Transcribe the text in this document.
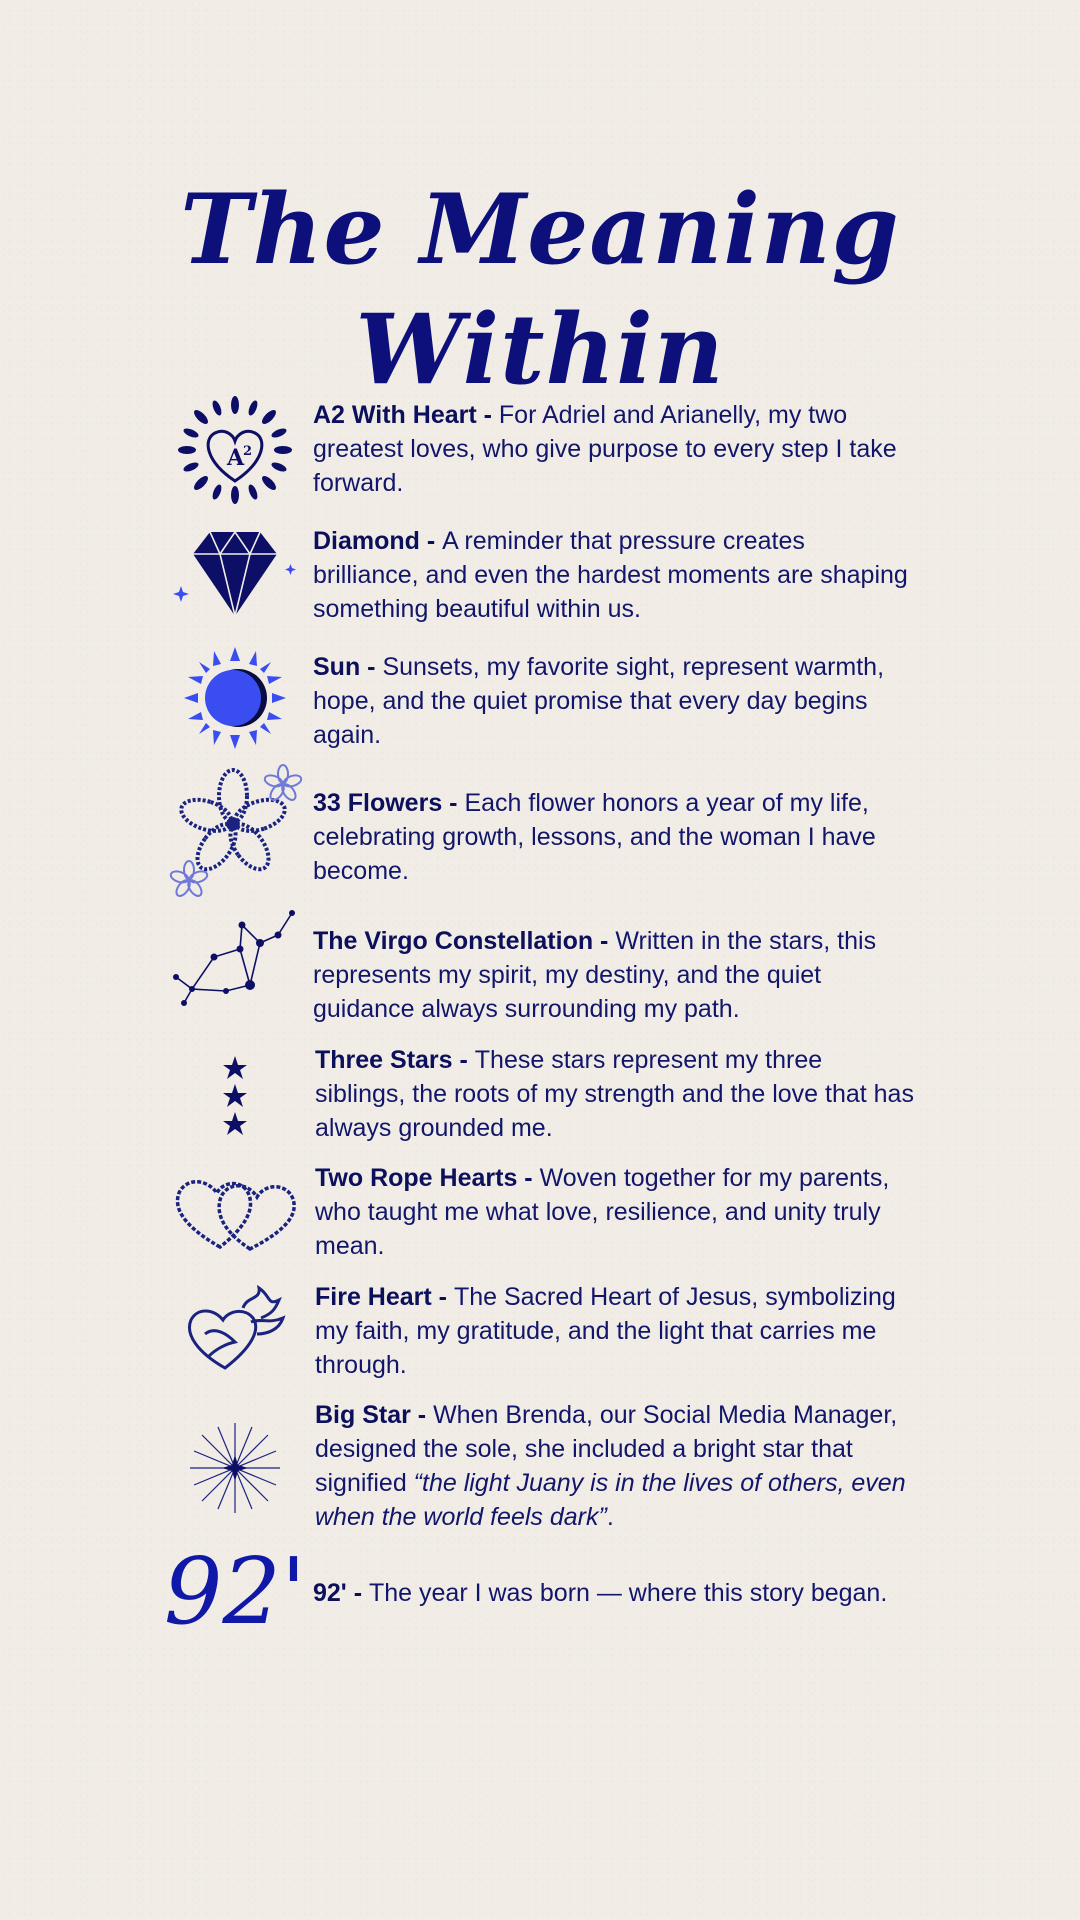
The Meaning Within
A
2

A2 With Heart - For Adriel and Arianelly, my two greatest loves, who give purpose to every step I take forward.

Diamond - A reminder that pressure creates brilliance, and even the hardest moments are shaping something beautiful within us.

Sun - Sunsets, my favorite sight, represent warmth, hope, and the quiet promise that every day begins again.

33 Flowers - Each flower honors a year of my life, celebrating growth, lessons, and the woman I have become.

The Virgo Constellation - Written in the stars, this represents my spirit, my destiny, and the quiet guidance always surrounding my path.

Three Stars - These stars represent my three siblings, the roots of my strength and the love that has always grounded me.

Two Rope Hearts - Woven together for my parents, who taught me what love, resilience, and unity truly mean.

Fire Heart - The Sacred Heart of Jesus, symbolizing my faith, my gratitude, and the light that carries me through.

Big Star - When Brenda, our Social Media Manager, designed the sole, she included a bright star that signified “the light Juany is in the lives of others, even when the world feels dark”.

92' 92' - The year I was born — where this story began.
